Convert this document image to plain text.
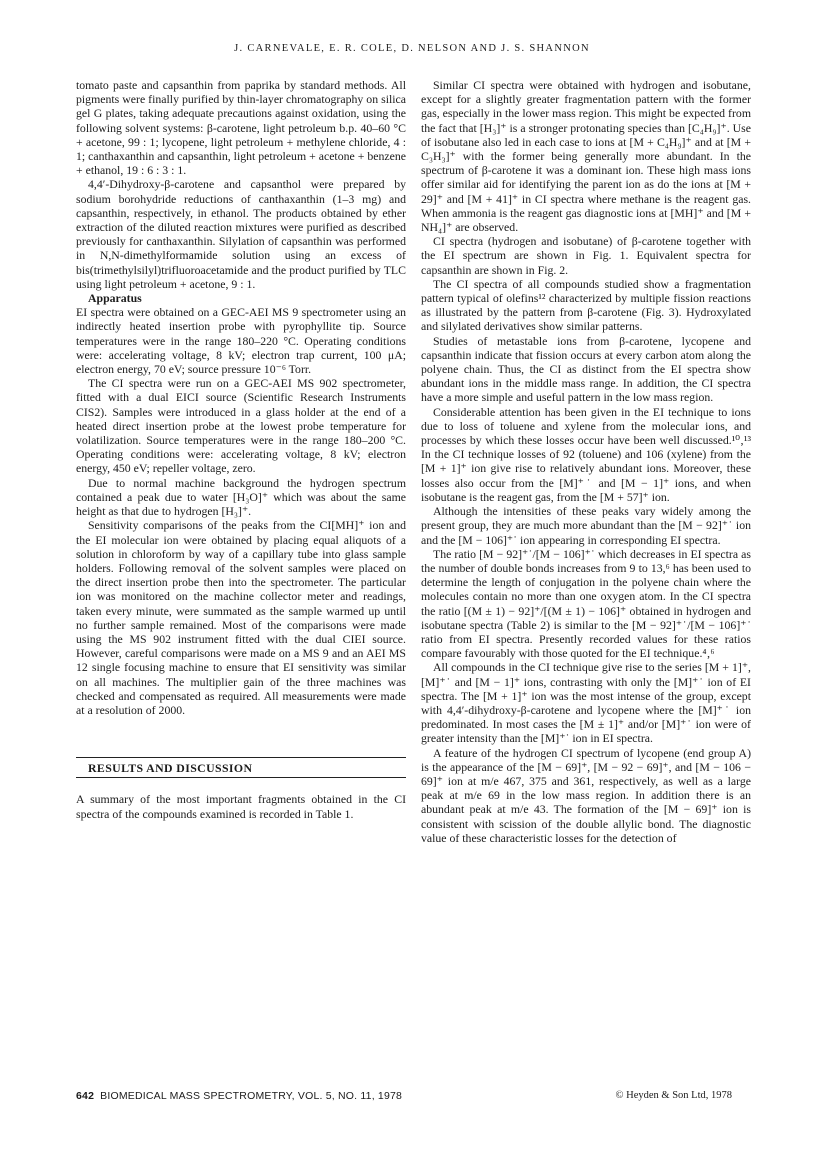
J. CARNEVALE, E. R. COLE, D. NELSON AND J. S. SHANNON

tomato paste and capsanthin from paprika by standard methods. All pigments were finally purified by thin-layer chromatography on silica gel G plates, taking adequate precautions against oxidation, using the following solvent systems: β-carotene, light petroleum b.p. 40–60 °C + acetone, 99 : 1; lycopene, light petroleum + methylene chloride, 4 : 1; canthaxanthin and capsanthin, light petroleum + acetone + benzene + ethanol, 19 : 6 : 3 : 1.

4,4′-Dihydroxy-β-carotene and capsanthol were prepared by sodium borohydride reductions of canthaxanthin (1–3 mg) and capsanthin, respectively, in ethanol. The products obtained by ether extraction of the diluted reaction mixtures were purified as described previously for canthaxanthin. Silylation of capsanthin was performed in N,N-dimethylformamide solution using an excess of bis(trimethylsilyl)trifluoroacetamide and the product purified by TLC using light petroleum + acetone, 9 : 1.

Apparatus

EI spectra were obtained on a GEC-AEI MS 9 spectrometer using an indirectly heated insertion probe with pyrophyllite tip. Source temperatures were in the range 180–220 °C. Operating conditions were: accelerating voltage, 8 kV; electron trap current, 100 μA; electron energy, 70 eV; source pressure 10⁻⁶ Torr.

The CI spectra were run on a GEC-AEI MS 902 spectrometer, fitted with a dual EICI source (Scientific Research Instruments CIS2). Samples were introduced in a glass holder at the end of a heated direct insertion probe at the lowest probe temperature for volatilization. Source temperatures were in the range 180–200 °C. Operating conditions were: accelerating voltage, 8 kV; electron energy, 450 eV; repeller voltage, zero.

Due to normal machine background the hydrogen spectrum contained a peak due to water [H₃O]⁺ which was about the same height as that due to hydrogen [H₃]⁺.

Sensitivity comparisons of the peaks from the CI[MH]⁺ ion and the EI molecular ion were obtained by placing equal aliquots of a solution in chloroform by way of a capillary tube into glass sample holders. Following removal of the solvent samples were placed on the direct insertion probe then into the spectrometer. The particular ion was monitored on the machine collector meter and readings, taken every minute, were summated as the sample warmed up until no further sample remained. Most of the comparisons were made using the MS 902 instrument fitted with the dual CIEI source. However, careful comparisons were made on a MS 9 and an AEI MS 12 single focusing machine to ensure that EI sensitivity was similar on all machines. The multiplier gain of the three machines was checked and compensated as required. All measurements were made at a resolution of 2000.

RESULTS AND DISCUSSION

A summary of the most important fragments obtained in the CI spectra of the compounds examined is recorded in Table 1.

Similar CI spectra were obtained with hydrogen and isobutane, except for a slightly greater fragmentation pattern with the former gas, especially in the lower mass region. This might be expected from the fact that [H₃]⁺ is a stronger protonating species than [C₄H₉]⁺. Use of isobutane also led in each case to ions at [M + C₄H₉]⁺ and at [M + C₃H₃]⁺ with the former being generally more abundant. In the spectrum of β-carotene it was a dominant ion. These high mass ions offer similar aid for identifying the parent ion as do the ions at [M + 29]⁺ and [M + 41]⁺ in CI spectra where methane is the reagent gas. When ammonia is the reagent gas diagnostic ions at [MH]⁺ and [M + NH₄]⁺ are observed.

CI spectra (hydrogen and isobutane) of β-carotene together with the EI spectrum are shown in Fig. 1. Equivalent spectra for capsanthin are shown in Fig. 2.

The CI spectra of all compounds studied show a fragmentation pattern typical of olefins¹² characterized by multiple fission reactions as illustrated by the pattern from β-carotene (Fig. 3). Hydroxylated and silylated derivatives show similar patterns.

Studies of metastable ions from β-carotene, lycopene and capsanthin indicate that fission occurs at every carbon atom along the polyene chain. Thus, the CI as distinct from the EI spectra show abundant ions in the middle mass range. In addition, the CI spectra have a more simple and useful pattern in the low mass region.

Considerable attention has been given in the EI technique to ions due to loss of toluene and xylene from the molecular ions, and processes by which these losses occur have been well discussed.¹⁰‚¹³ In the CI technique losses of 92 (toluene) and 106 (xylene) from the [M + 1]⁺ ion give rise to relatively abundant ions. Moreover, these losses also occur from the [M]⁺˙ and [M − 1]⁺ ions, and when isobutane is the reagent gas, from the [M + 57]⁺ ion.

Although the intensities of these peaks vary widely among the present group, they are much more abundant than the [M − 92]⁺˙ ion and the [M − 106]⁺˙ ion appearing in corresponding EI spectra.

The ratio [M − 92]⁺˙/[M − 106]⁺˙ which decreases in EI spectra as the number of double bonds increases from 9 to 13,⁶ has been used to determine the length of conjugation in the polyene chain where the molecules contain no more than one oxygen atom. In the CI spectra the ratio [(M ± 1) − 92]⁺/[(M ± 1) − 106]⁺ obtained in hydrogen and isobutane spectra (Table 2) is similar to the [M − 92]⁺˙/[M − 106]⁺˙ ratio from EI spectra. Presently recorded values for these ratios compare favourably with those quoted for the EI technique.⁴‚⁶

All compounds in the CI technique give rise to the series [M + 1]⁺, [M]⁺˙ and [M − 1]⁺ ions, contrasting with only the [M]⁺˙ ion of EI spectra. The [M + 1]⁺ ion was the most intense of the group, except with 4,4′-dihydroxy-β-carotene and lycopene where the [M]⁺˙ ion predominated. In most cases the [M ± 1]⁺ and/or [M]⁺˙ ion were of greater intensity than the [M]⁺˙ ion in EI spectra.

A feature of the hydrogen CI spectrum of lycopene (end group A) is the appearance of the [M − 69]⁺, [M − 92 − 69]⁺, and [M − 106 − 69]⁺ ion at m/e 467, 375 and 361, respectively, as well as a large peak at m/e 69 in the low mass region. In addition there is an abundant peak at m/e 43. The formation of the [M − 69]⁺ ion is consistent with scission of the double allylic bond. The diagnostic value of these characteristic losses for the detection of

642 BIOMEDICAL MASS SPECTROMETRY, VOL. 5, NO. 11, 1978	© Heyden & Son Ltd, 1978
